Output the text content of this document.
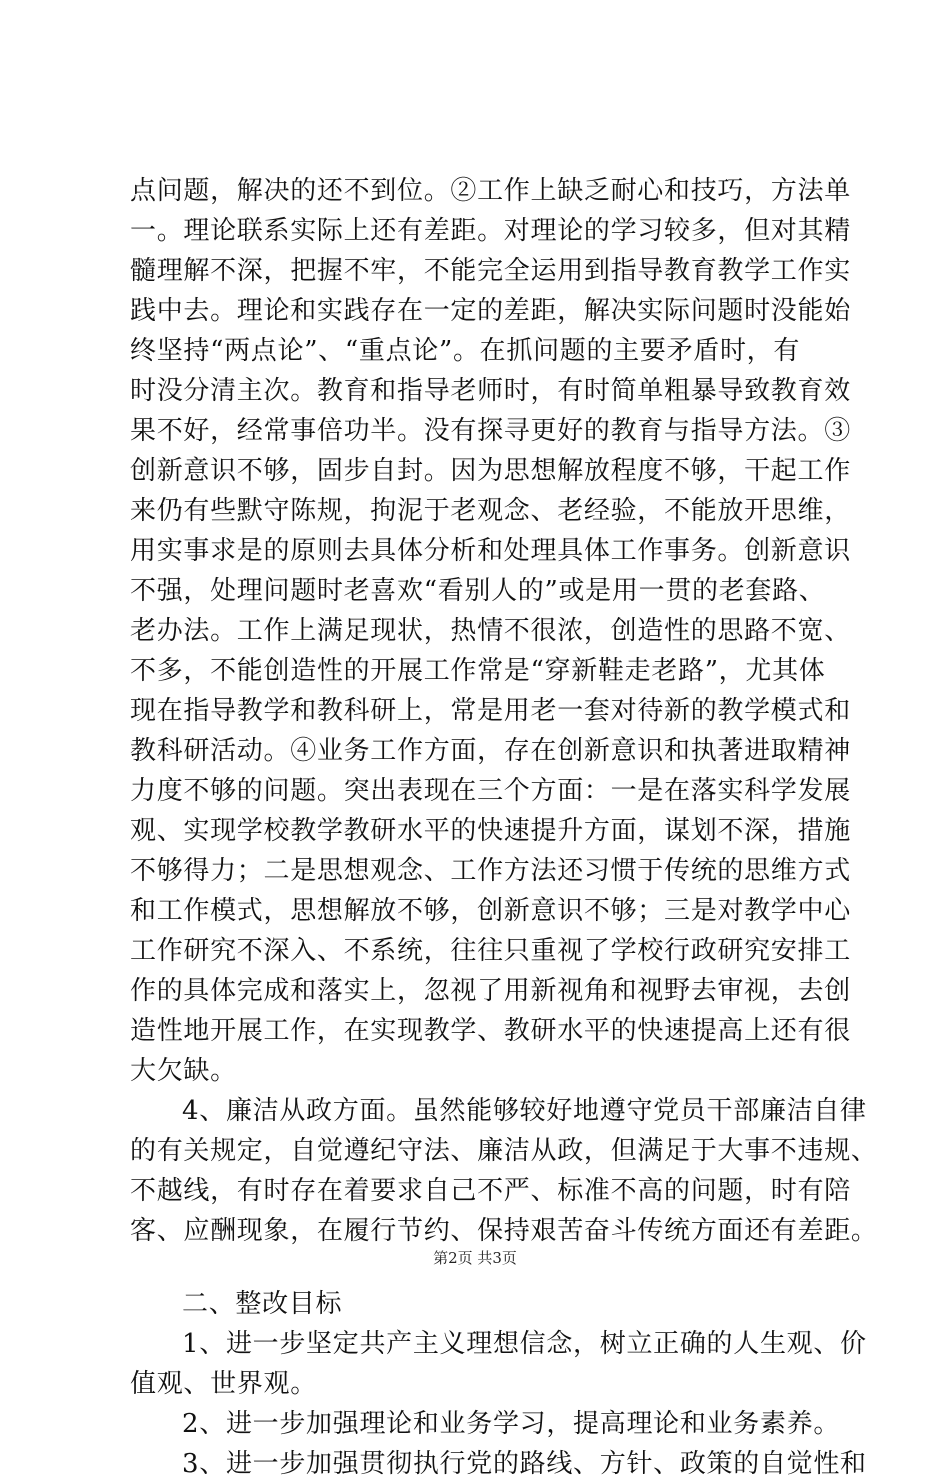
点问题，解决的还不到位。②工作上缺乏耐心和技巧，方法单
一。理论联系实际上还有差距。对理论的学习较多，但对其精
髓理解不深，把握不牢，不能完全运用到指导教育教学工作实
践中去。理论和实践存在一定的差距，解决实际问题时没能始
终坚持“两点论”、“重点论”。在抓问题的主要矛盾时，有
时没分清主次。教育和指导老师时，有时简单粗暴导致教育效
果不好，经常事倍功半。没有探寻更好的教育与指导方法。③
创新意识不够，固步自封。因为思想解放程度不够，干起工作
来仍有些默守陈规，拘泥于老观念、老经验，不能放开思维，
用实事求是的原则去具体分析和处理具体工作事务。创新意识
不强，处理问题时老喜欢“看别人的”或是用一贯的老套路、
老办法。工作上满足现状，热情不很浓，创造性的思路不宽、
不多，不能创造性的开展工作常是“穿新鞋走老路”，尤其体
现在指导教学和教科研上，常是用老一套对待新的教学模式和
教科研活动。④业务工作方面，存在创新意识和执著进取精神
力度不够的问题。突出表现在三个方面：一是在落实科学发展
观、实现学校教学教研水平的快速提升方面，谋划不深，措施
不够得力；二是思想观念、工作方法还习惯于传统的思维方式
和工作模式，思想解放不够，创新意识不够；三是对教学中心
工作研究不深入、不系统，往往只重视了学校行政研究安排工
作的具体完成和落实上，忽视了用新视角和视野去审视，去创
造性地开展工作，在实现教学、教研水平的快速提高上还有很
大欠缺。
4、廉洁从政方面。虽然能够较好地遵守党员干部廉洁自律
的有关规定，自觉遵纪守法、廉洁从政，但满足于大事不违规、
不越线，有时存在着要求自己不严、标准不高的问题，时有陪
客、应酬现象，在履行节约、保持艰苦奋斗传统方面还有差距。
二、整改目标
1、进一步坚定共产主义理想信念，树立正确的人生观、价
值观、世界观。
2、进一步加强理论和业务学习，提高理论和业务素养。
3、进一步加强贯彻执行党的路线、方针、政策的自觉性和
第2页 共3页
